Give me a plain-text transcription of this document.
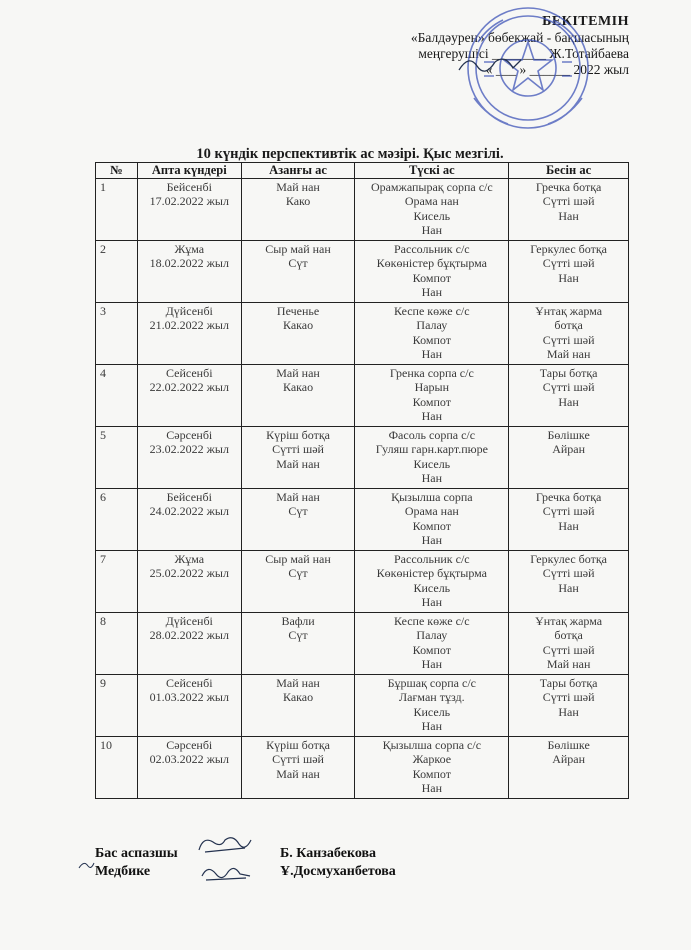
БЕКІТЕМІН
«Балдәурен» бөбекжай - бақшасының
меңгерушісі ________ Ж.Тотайбаева
« ___ » ______ 2022 жыл
10 күндік перспективтік ас мәзірі. Қыс мезгілі.
№	Апта күндері	Азанғы ас	Түскі ас	Бесін ас
1	Бейсенбі
17.02.2022 жыл	Май нан
Како	Орамжапырақ сорпа с/с
Орама нан
Кисель
Нан	Гречка ботқа
Сүтті шәй
Нан

2	Жұма
18.02.2022 жыл	Сыр май нан
Сүт	Рассольник с/с
Көкөністер бұқтырма
Компот
Нан	Геркулес ботқа
Сүтті шәй
Нан

3	Дүйсенбі
21.02.2022 жыл	Печенье
Какао	Кеспе көже с/с
Палау
Компот
Нан	Ұнтақ жарма
ботқа
Сүтті шәй
Май нан

4	Сейсенбі
22.02.2022 жыл	Май нан
Какао	Гренка сорпа с/с
Нарын
Компот
Нан	Тары ботқа
Сүтті шәй
Нан

5	Сәрсенбі
23.02.2022 жыл	Күріш ботқа
Сүтті шәй
Май нан	Фасоль сорпа с/с
Гуляш гарн.карт.пюре
Кисель
Нан	Бөлішке
Айран

6	Бейсенбі
24.02.2022 жыл	Май нан
Сүт	Қызылша сорпа
Орама нан
Компот
Нан	Гречка ботқа
Сүтті шәй
Нан

7	Жұма
25.02.2022 жыл	Сыр май нан
Сүт	Рассольник с/с
Көкөністер бұқтырма
Кисель
Нан	Геркулес ботқа
Сүтті шәй
Нан

8	Дүйсенбі
28.02.2022 жыл	Вафли
Сүт	Кеспе көже с/с
Палау
Компот
Нан	Ұнтақ жарма
ботқа
Сүтті шәй
Май нан

9	Сейсенбі
01.03.2022 жыл	Май нан
Какао	Бұршақ сорпа с/с
Лағман тұзд.
Кисель
Нан	Тары ботқа
Сүтті шәй
Нан

10	Сәрсенбі
02.03.2022 жыл	Күріш ботқа
Сүтті шәй
Май нан	Қызылша сорпа с/с
Жаркое
Компот
Нан	Бөлішке
Айран
Бас аспазшы	Б. Канзабекова
Медбике	Ұ.Досмуханбетова
